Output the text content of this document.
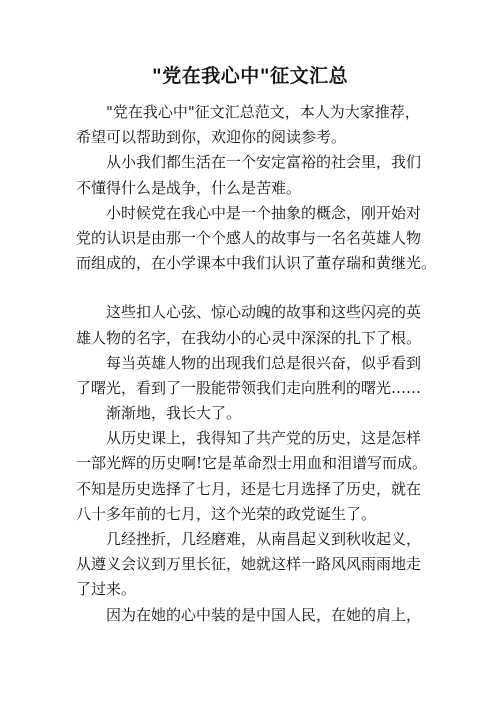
"党在我心中"征文汇总
"党在我心中"征文汇总范文，本人为大家推荐，
希望可以帮助到你，欢迎你的阅读参考。
从小我们都生活在一个安定富裕的社会里，我们
不懂得什么是战争，什么是苦难。
小时候党在我心中是一个抽象的概念，刚开始对
党的认识是由那一个个感人的故事与一名名英雄人物
而组成的，在小学课本中我们认识了董存瑞和黄继光。
这些扣人心弦、惊心动魄的故事和这些闪亮的英
雄人物的名字，在我幼小的心灵中深深的扎下了根。
每当英雄人物的出现我们总是很兴奋，似乎看到
了曙光，看到了一股能带领我们走向胜利的曙光……
渐渐地，我长大了。
从历史课上，我得知了共产党的历史，这是怎样
一部光辉的历史啊!它是革命烈士用血和泪谱写而成。
不知是历史选择了七月，还是七月选择了历史，就在
八十多年前的七月，这个光荣的政党诞生了。
几经挫折，几经磨难，从南昌起义到秋收起义，
从遵义会议到万里长征，她就这样一路风风雨雨地走
了过来。
因为在她的心中装的是中国人民，在她的肩上，
